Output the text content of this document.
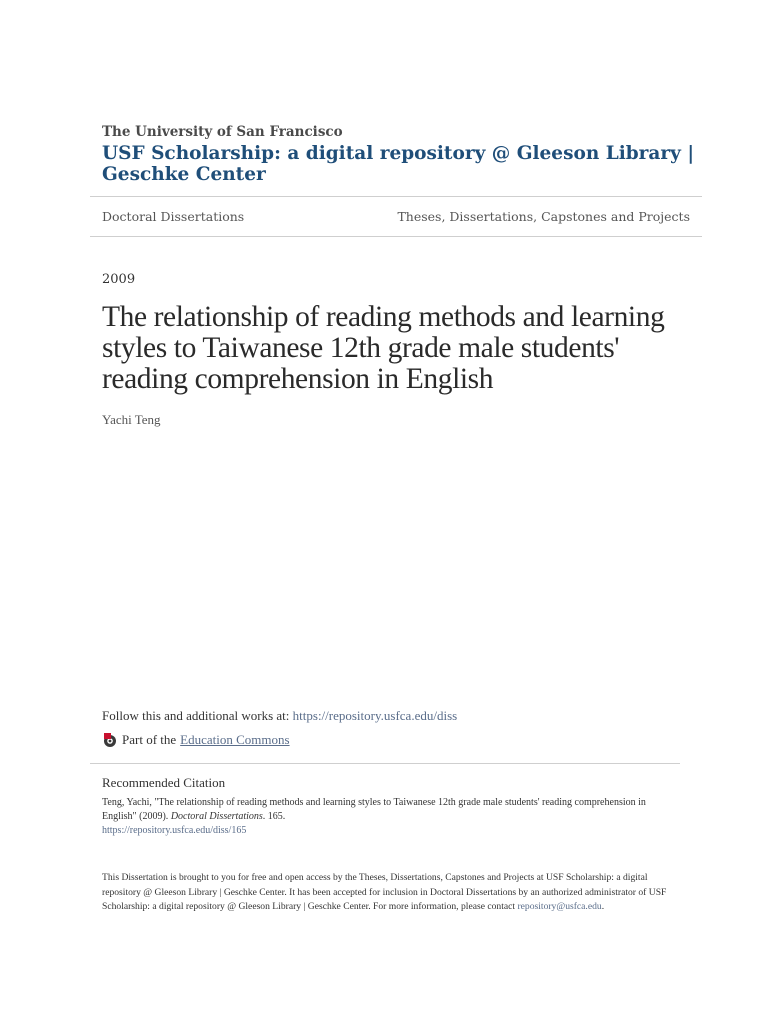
The University of San Francisco
USF Scholarship: a digital repository @ Gleeson Library | Geschke Center
Doctoral Dissertations	Theses, Dissertations, Capstones and Projects
2009
The relationship of reading methods and learning styles to Taiwanese 12th grade male students' reading comprehension in English
Yachi Teng
Follow this and additional works at: https://repository.usfca.edu/diss
Part of the Education Commons
Recommended Citation
Teng, Yachi, "The relationship of reading methods and learning styles to Taiwanese 12th grade male students' reading comprehension in English" (2009). Doctoral Dissertations. 165.
https://repository.usfca.edu/diss/165
This Dissertation is brought to you for free and open access by the Theses, Dissertations, Capstones and Projects at USF Scholarship: a digital repository @ Gleeson Library | Geschke Center. It has been accepted for inclusion in Doctoral Dissertations by an authorized administrator of USF Scholarship: a digital repository @ Gleeson Library | Geschke Center. For more information, please contact repository@usfca.edu.
